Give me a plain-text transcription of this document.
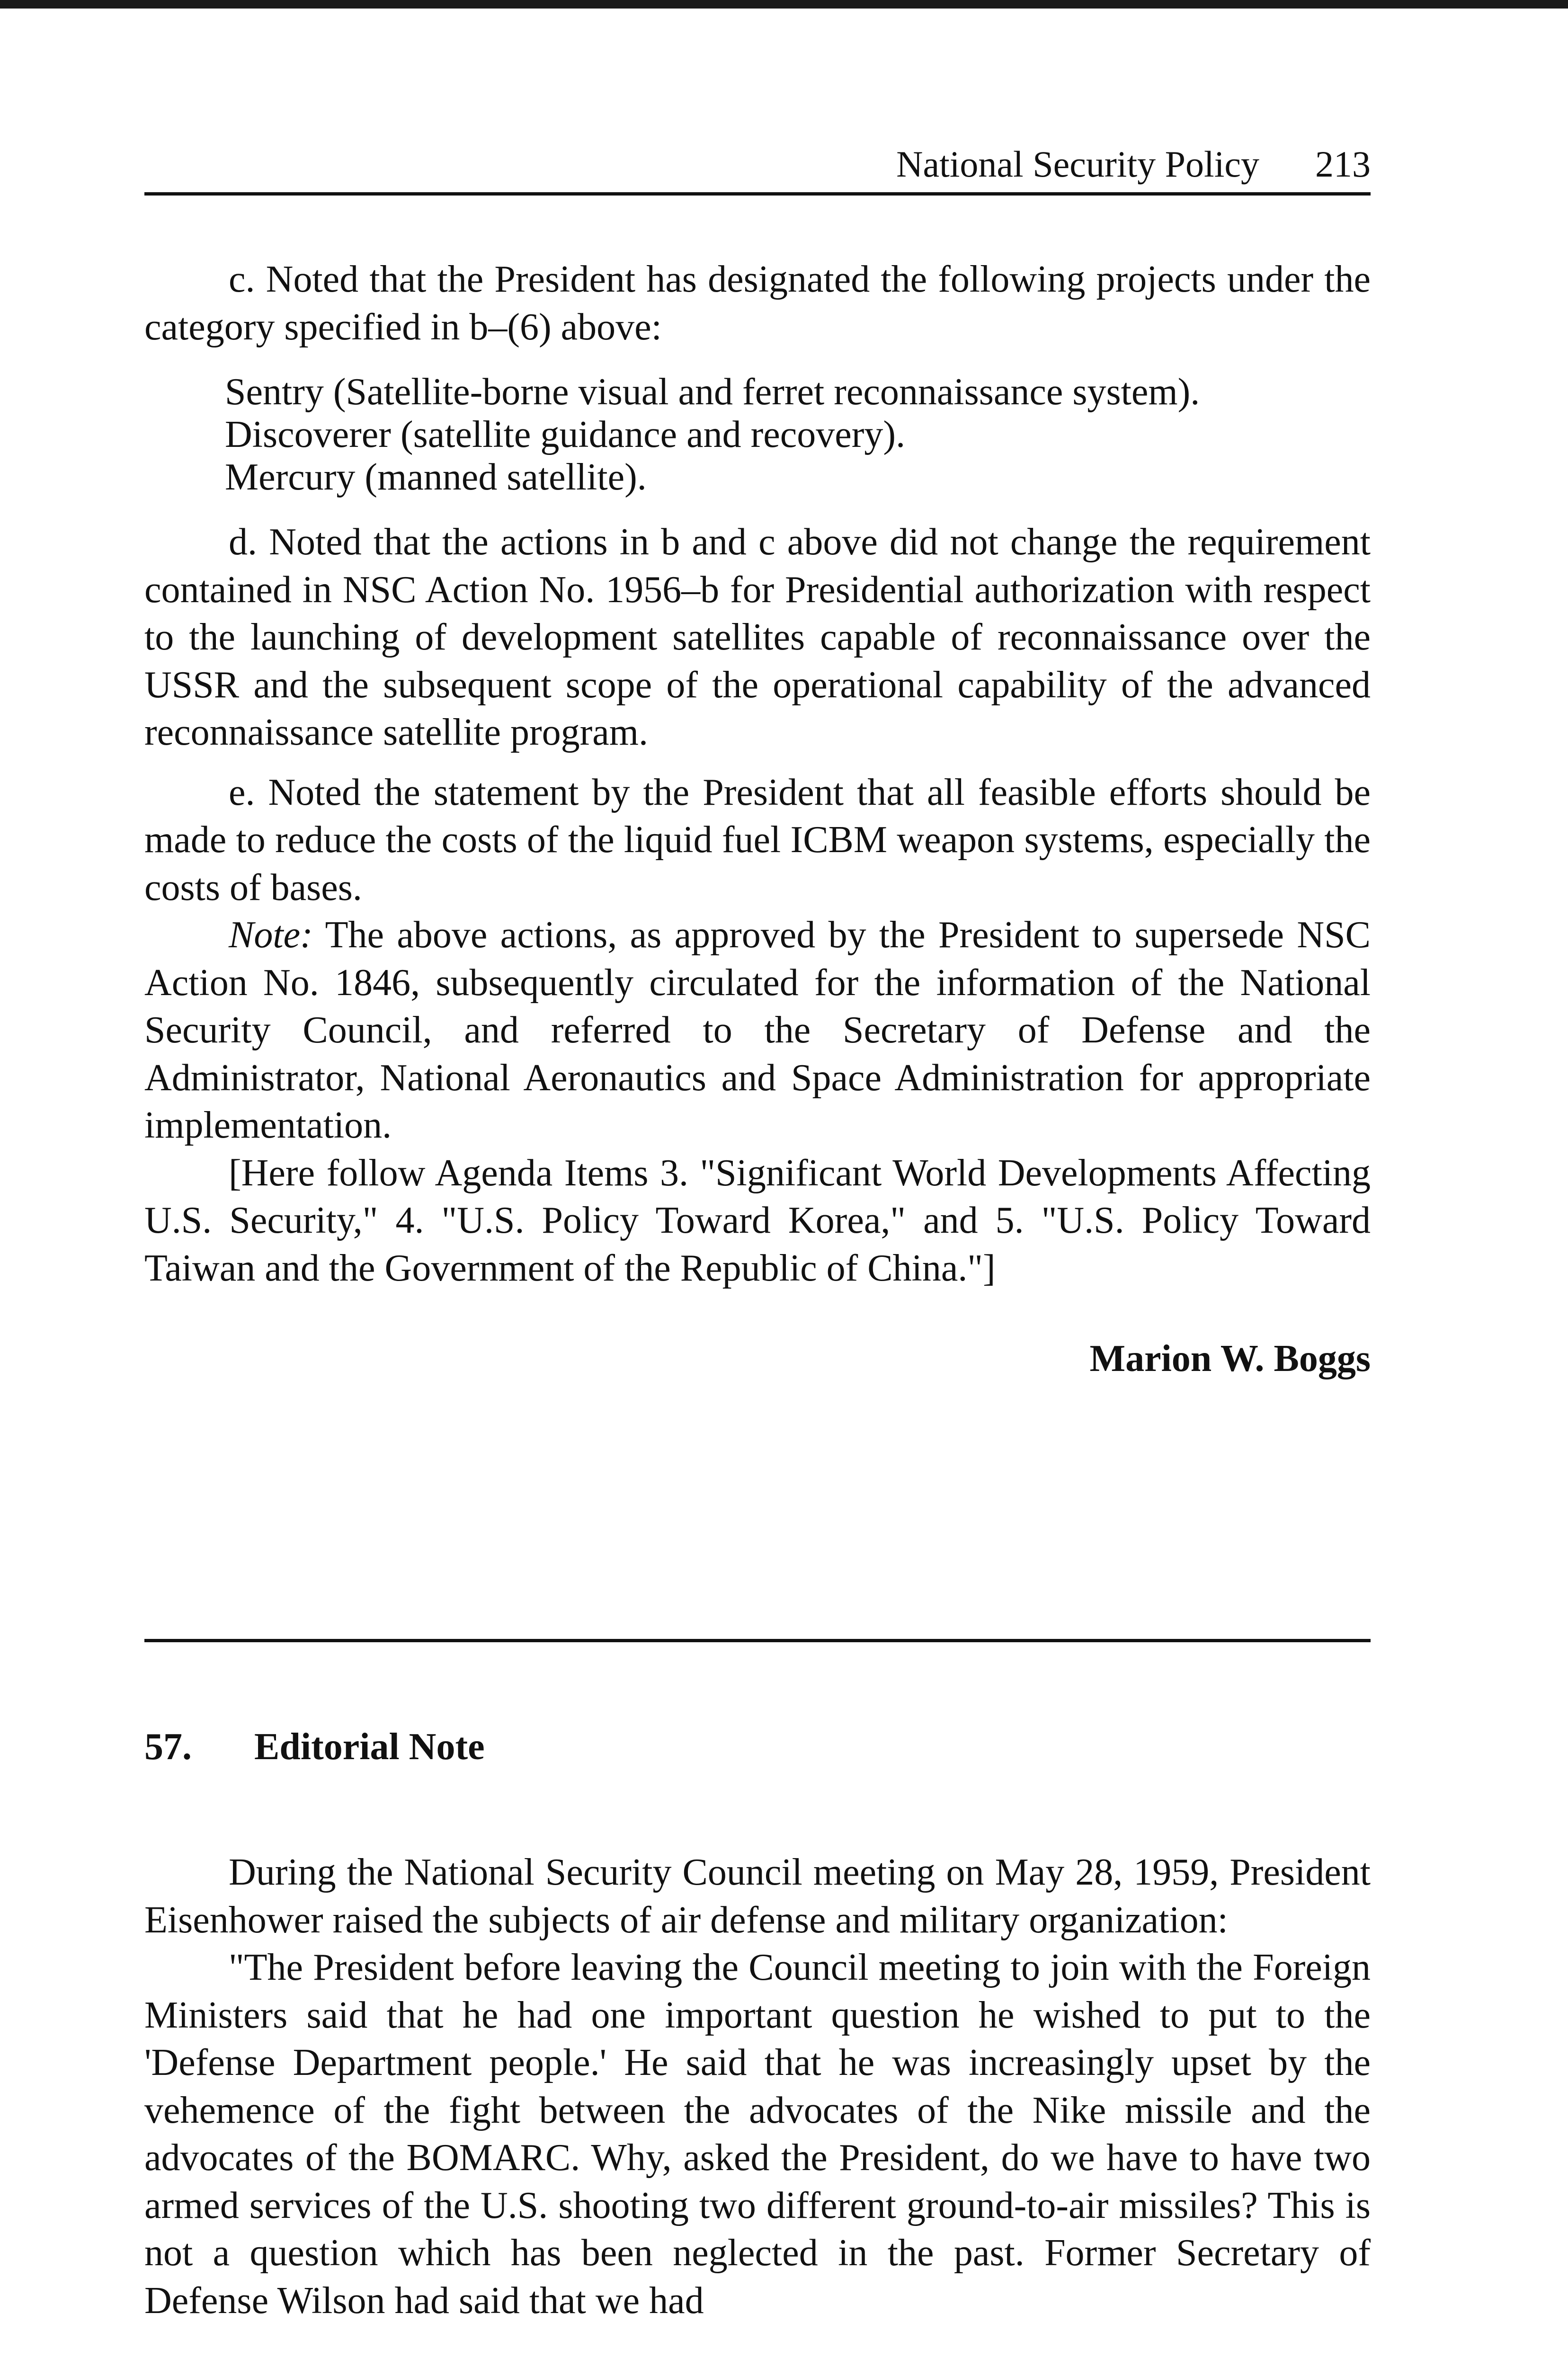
National Security Policy 213

c. Noted that the President has designated the following projects under the category specified in b–(6) above:

Sentry (Satellite-borne visual and ferret reconnaissance system).
Discoverer (satellite guidance and recovery).
Mercury (manned satellite).

d. Noted that the actions in b and c above did not change the requirement contained in NSC Action No. 1956–b for Presidential authorization with respect to the launching of development satellites capable of reconnaissance over the USSR and the subsequent scope of the operational capability of the advanced reconnaissance satellite program.

e. Noted the statement by the President that all feasible efforts should be made to reduce the costs of the liquid fuel ICBM weapon systems, especially the costs of bases.

Note: The above actions, as approved by the President to supersede NSC Action No. 1846, subsequently circulated for the information of the National Security Council, and referred to the Secretary of Defense and the Administrator, National Aeronautics and Space Administration for appropriate implementation.

[Here follow Agenda Items 3. "Significant World Developments Affecting U.S. Security," 4. "U.S. Policy Toward Korea," and 5. "U.S. Policy Toward Taiwan and the Government of the Republic of China."]

Marion W. Boggs
57. Editorial Note

During the National Security Council meeting on May 28, 1959, President Eisenhower raised the subjects of air defense and military organization:

"The President before leaving the Council meeting to join with the Foreign Ministers said that he had one important question he wished to put to the 'Defense Department people.' He said that he was increasingly upset by the vehemence of the fight between the advocates of the Nike missile and the advocates of the BOMARC. Why, asked the President, do we have to have two armed services of the U.S. shooting two different ground-to-air missiles? This is not a question which has been neglected in the past. Former Secretary of Defense Wilson had said that we had
